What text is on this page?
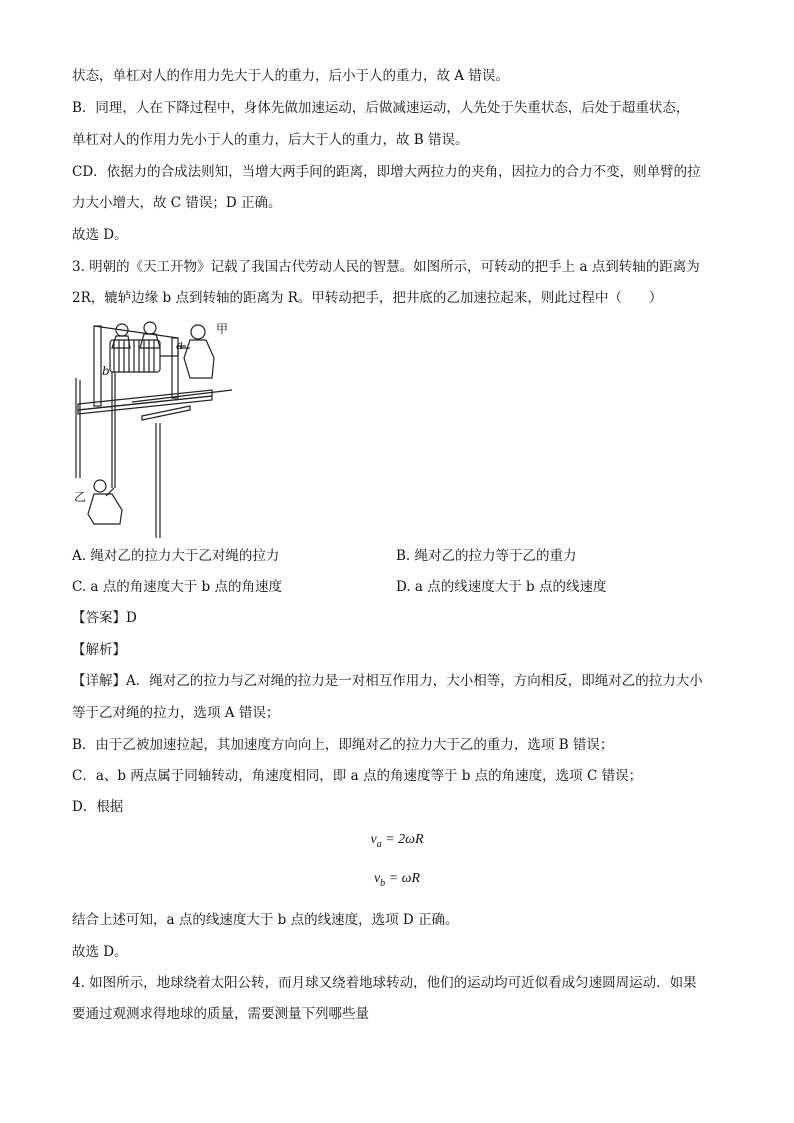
状态，单杠对人的作用力先大于人的重力，后小于人的重力，故 A 错误。
B．同理，人在下降过程中，身体先做加速运动，后做减速运动，人先处于失重状态，后处于超重状态，
单杠对人的作用力先小于人的重力，后大于人的重力，故 B 错误。
CD．依据力的合成法则知，当增大两手间的距离，即增大两拉力的夹角，因拉力的合力不变，则单臂的拉
力大小增大，故 C 错误；D 正确。
故选 D。
3. 明朝的《天工开物》记载了我国古代劳动人民的智慧。如图所示，可转动的把手上 a 点到转轴的距离为
2R，辘轳边缘 b 点到转轴的距离为 R。甲转动把手，把井底的乙加速拉起来，则此过程中（　　）
甲
乙
a
b
A. 绳对乙的拉力大于乙对绳的拉力	B. 绳对乙的拉力等于乙的重力
C. a 点的角速度大于 b 点的角速度	D. a 点的线速度大于 b 点的线速度
【答案】D
【解析】
【详解】A．绳对乙的拉力与乙对绳的拉力是一对相互作用力，大小相等，方向相反，即绳对乙的拉力大小
等于乙对绳的拉力，选项 A 错误；
B．由于乙被加速拉起，其加速度方向向上，即绳对乙的拉力大于乙的重力，选项 B 错误；
C．a、b 两点属于同轴转动，角速度相同，即 a 点的角速度等于 b 点的角速度，选项 C 错误；
D．根据
$v_a = 2\omega R$
$v_b = \omega R$
结合上述可知，a 点的线速度大于 b 点的线速度，选项 D 正确。
故选 D。
4. 如图所示，地球绕着太阳公转，而月球又绕着地球转动，他们的运动均可近似看成匀速圆周运动．如果
要通过观测求得地球的质量，需要测量下列哪些量
